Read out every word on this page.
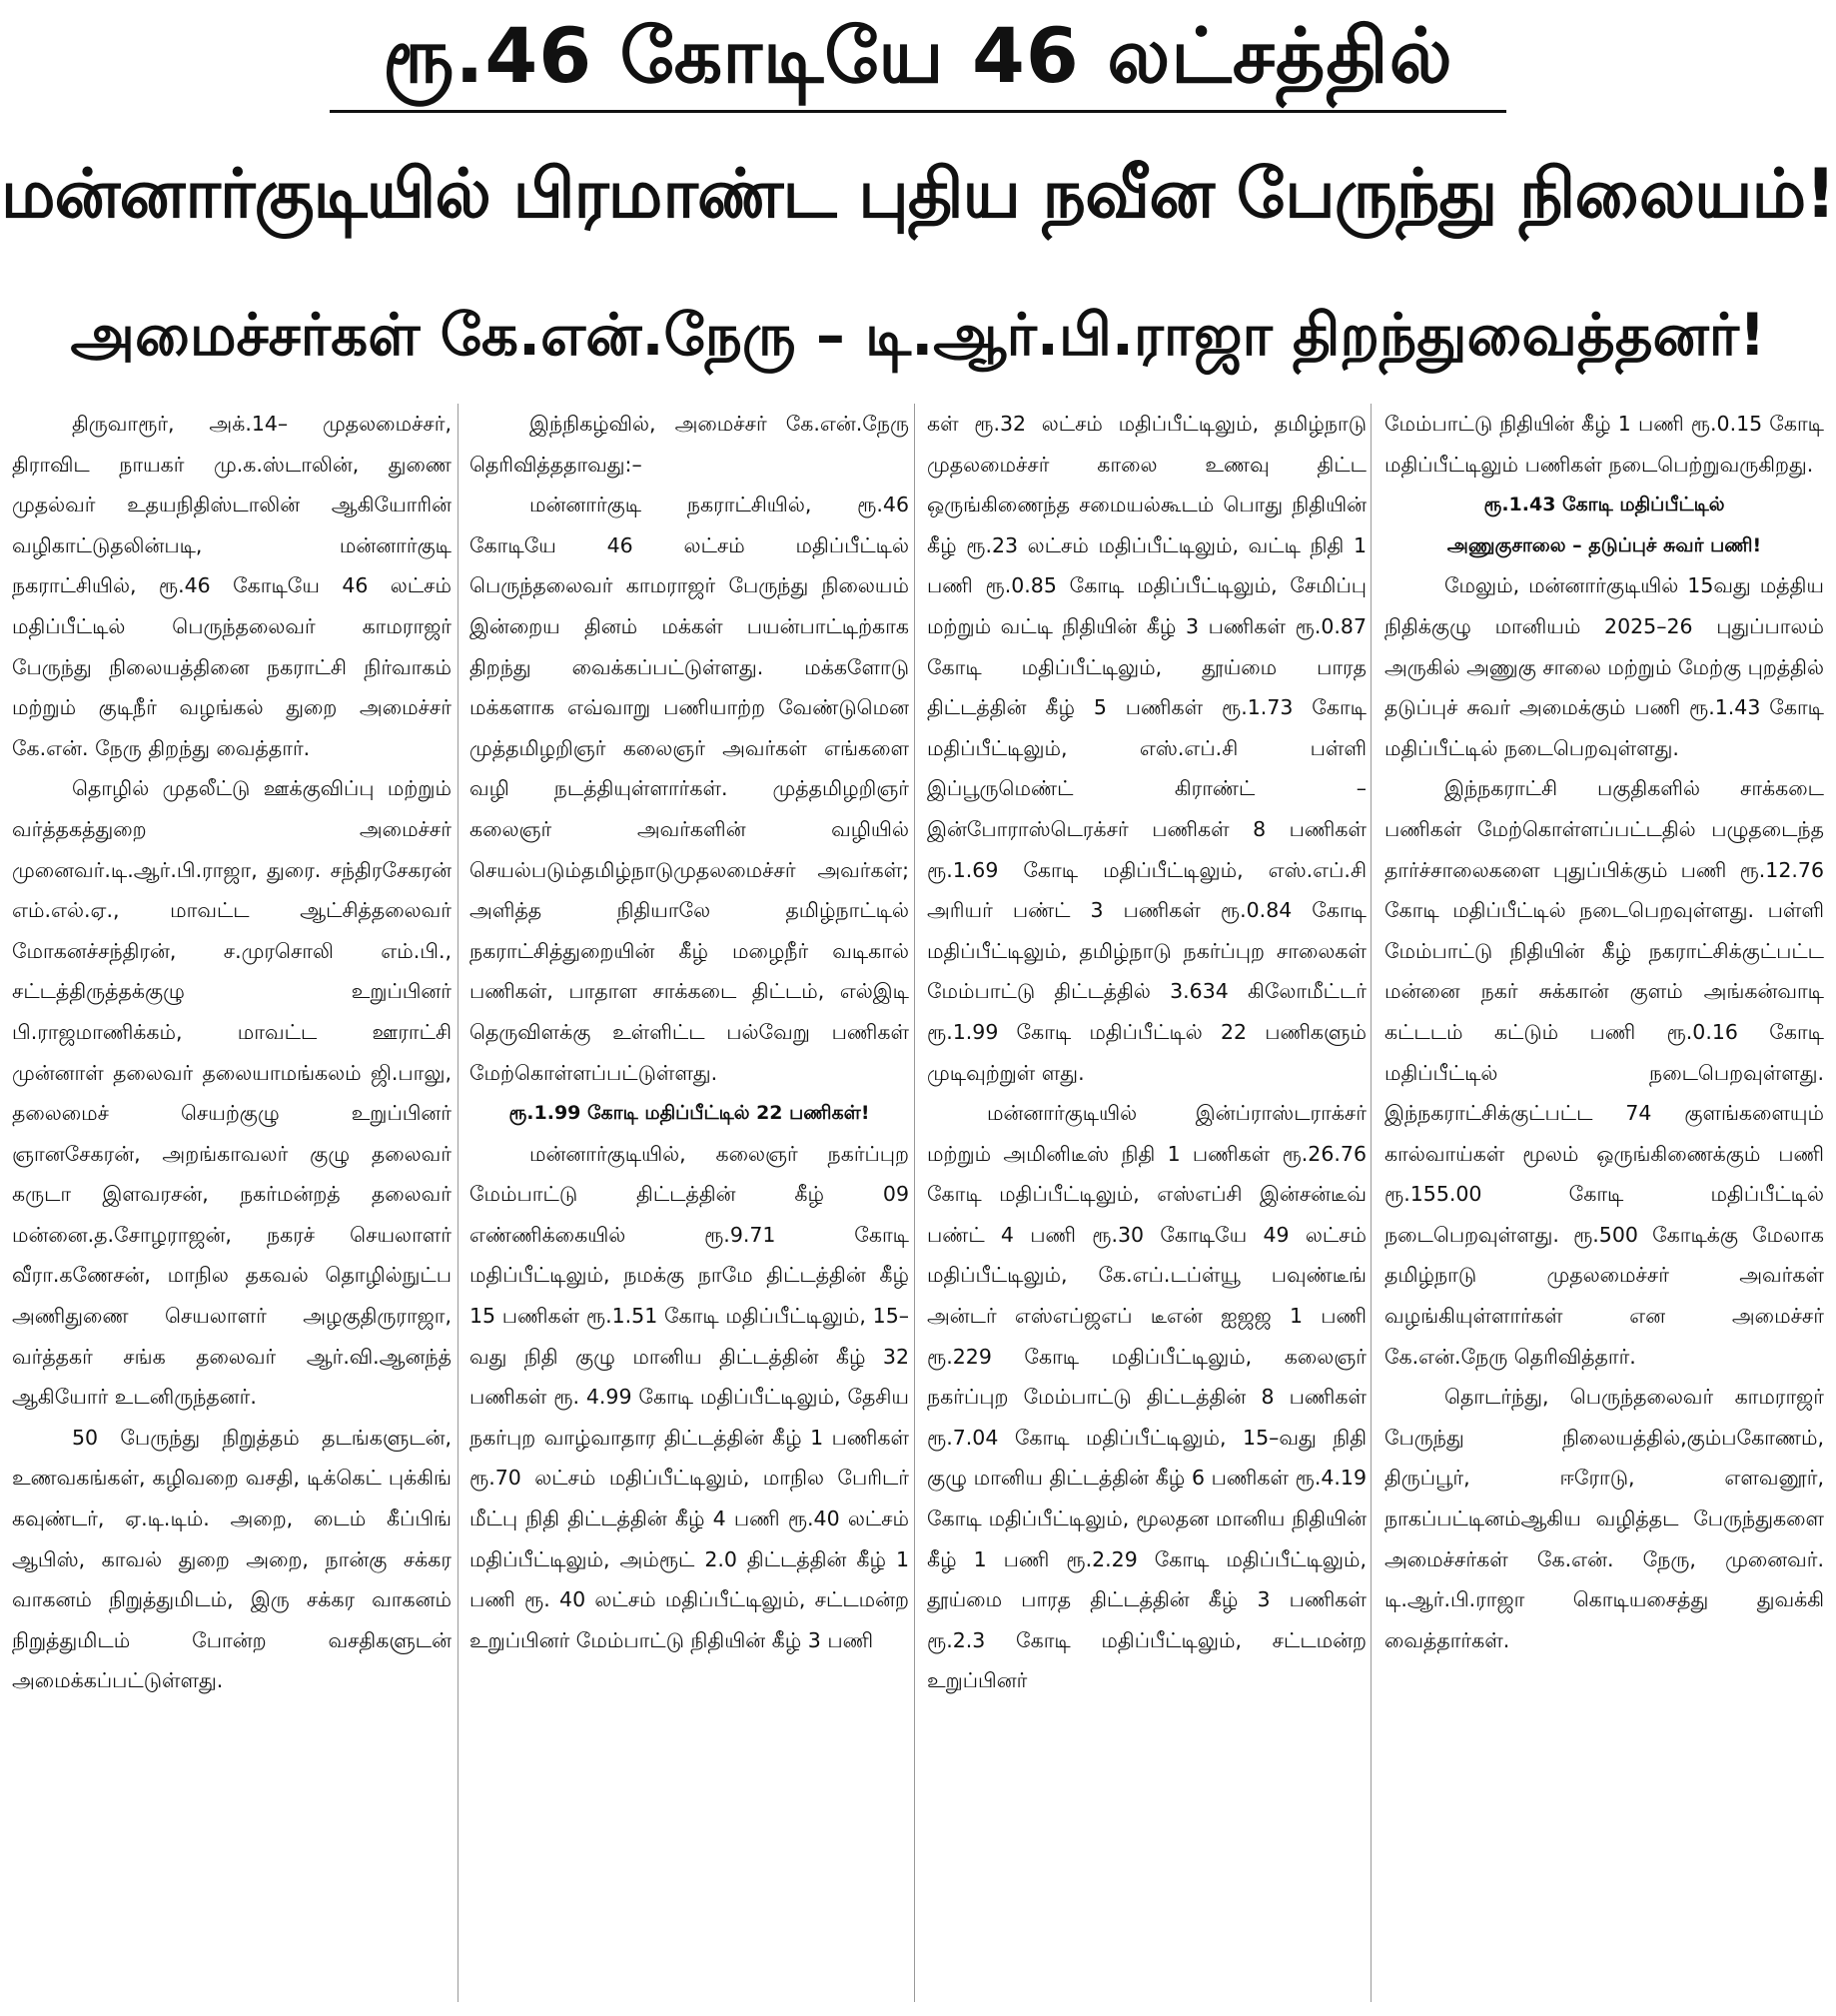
ரூ.46 கோடியே 46 லட்சத்தில்
மன்னார்குடியில் பிரமாண்ட புதிய நவீன பேருந்து நிலையம்!
அமைச்சர்கள் கே.என்.நேரு – டி.ஆர்.பி.ராஜா திறந்துவைத்தனர்!

திருவாரூர், அக்.14– முதலமைச்சர், திராவிட நாயகர் மு.க.ஸ்டாலின், துணை முதல்வர் உதயநிதிஸ்டாலின் ஆகியோரின் வழிகாட்டுதலின்படி, மன்னார்குடி நகராட்சியில், ரூ.46 கோடியே 46 லட்சம் மதிப்பீட்டில் பெருந்தலைவர் காமராஜர் பேருந்து நிலையத்தினை நகராட்சி நிர்வாகம் மற்றும் குடிநீர் வழங்கல் துறை அமைச்சர் கே.என். நேரு திறந்து வைத்தார்.

தொழில் முதலீட்டு ஊக்குவிப்பு மற்றும் வர்த்தகத்துறை அமைச்சர் முனைவர்.டி.ஆர்.பி.ராஜா, துரை. சந்திரசேகரன் எம்.எல்.ஏ., மாவட்ட ஆட்சித்தலைவர் மோகனச்சந்திரன், ச.முரசொலி எம்.பி., சட்டத்திருத்தக்குழு உறுப்பினர் பி.ராஜமாணிக்கம், மாவட்ட ஊராட்சி முன்னாள் தலைவர் தலையாமங்கலம் ஜி.பாலு, தலைமைச் செயற்குழு உறுப்பினர் ஞானசேகரன், அறங்காவலர் குழு தலைவர் கருடா இளவரசன், நகர்மன்றத் தலைவர் மன்னை.த.சோழராஜன், நகரச் செயலாளர் வீரா.கணேசன், மாநில தகவல் தொழில்நுட்ப அணிதுணை செயலாளர் அழகுதிருராஜா, வர்த்தகர் சங்க தலைவர் ஆர்.வி.ஆனந்த் ஆகியோர் உடனிருந்தனர்.

50 பேருந்து நிறுத்தம் தடங்களுடன், உணவகங்கள், கழிவறை வசதி, டிக்கெட் புக்கிங் கவுண்டர், ஏ.டி.டிம். அறை, டைம் கீப்பிங் ஆபிஸ், காவல் துறை அறை, நான்கு சக்கர வாகனம் நிறுத்துமிடம், இரு சக்கர வாகனம் நிறுத்துமிடம் போன்ற வசதிகளுடன் அமைக்கப்பட்டுள்ளது.

இந்நிகழ்வில், அமைச்சர் கே.என்.நேரு தெரிவித்ததாவது:–

மன்னார்குடி நகராட்சியில், ரூ.46 கோடியே 46 லட்சம் மதிப்பீட்டில் பெருந்தலைவர் காமராஜர் பேருந்து நிலையம் இன்றைய தினம் மக்கள் பயன்பாட்டிற்காக திறந்து வைக்கப்பட்டுள்ளது. மக்களோடு மக்களாக எவ்வாறு பணியாற்ற வேண்டுமென முத்தமிழறிஞர் கலைஞர் அவர்கள் எங்களை வழி நடத்தியுள்ளார்கள். முத்தமிழறிஞர் கலைஞர் அவர்களின் வழியில் செயல்படும்தமிழ்நாடுமுதலமைச்சர் அவர்கள்; அளித்த நிதியாலே தமிழ்நாட்டில் நகராட்சித்துறையின் கீழ் மழைநீர் வடிகால் பணிகள், பாதாள சாக்கடை திட்டம், எல்இடி தெருவிளக்கு உள்ளிட்ட பல்வேறு பணிகள் மேற்கொள்ளப்பட்டுள்ளது.

ரூ.1.99 கோடி மதிப்பீட்டில் 22 பணிகள்!

மன்னார்குடியில், கலைஞர் நகர்ப்புற மேம்பாட்டு திட்டத்தின் கீழ் 09 எண்ணிக்கையில் ரூ.9.71 கோடி மதிப்பீட்டிலும், நமக்கு நாமே திட்டத்தின் கீழ் 15 பணிகள் ரூ.1.51 கோடி மதிப்பீட்டிலும், 15–வது நிதி குழு மானிய திட்டத்தின் கீழ் 32 பணிகள் ரூ. 4.99 கோடி மதிப்பீட்டிலும், தேசிய நகர்புற வாழ்வாதார திட்டத்தின் கீழ் 1 பணிகள் ரூ.70 லட்சம் மதிப்பீட்டிலும், மாநில பேரிடர் மீட்பு நிதி திட்டத்தின் கீழ் 4 பணி ரூ.40 லட்சம் மதிப்பீட்டிலும், அம்ரூட் 2.0 திட்டத்தின் கீழ் 1 பணி ரூ. 40 லட்சம் மதிப்பீட்டிலும், சட்டமன்ற உறுப்பினர் மேம்பாட்டு நிதியின் கீழ் 3 பணி

கள் ரூ.32 லட்சம் மதிப்பீட்டிலும், தமிழ்நாடு முதலமைச்சர் காலை உணவு திட்ட ஒருங்கிணைந்த சமையல்கூடம் பொது நிதியின் கீழ் ரூ.23 லட்சம் மதிப்பீட்டிலும், வட்டி நிதி 1 பணி ரூ.0.85 கோடி மதிப்பீட்டிலும், சேமிப்பு மற்றும் வட்டி நிதியின் கீழ் 3 பணிகள் ரூ.0.87 கோடி மதிப்பீட்டிலும், தூய்மை பாரத திட்டத்தின் கீழ் 5 பணிகள் ரூ.1.73 கோடி மதிப்பீட்டிலும், எஸ்.எப்.சி பள்ளி இப்பூருமெண்ட் கிராண்ட் – இன்போராஸ்டெரக்சர் பணிகள் 8 பணிகள் ரூ.1.69 கோடி மதிப்பீட்டிலும், எஸ்.எப்.சி அரியர் பண்ட் 3 பணிகள் ரூ.0.84 கோடி மதிப்பீட்டிலும், தமிழ்நாடு நகர்ப்புற சாலைகள் மேம்பாட்டு திட்டத்தில் 3.634 கிலோமீட்டர் ரூ.1.99 கோடி மதிப்பீட்டில் 22 பணிகளும் முடிவுற்றுள் ளது.

மன்னார்குடியில் இன்ப்ராஸ்டராக்சர் மற்றும் அமினிடீஸ் நிதி 1 பணிகள் ரூ.26.76 கோடி மதிப்பீட்டிலும், எஸ்எப்சி இன்சன்டீவ் பண்ட் 4 பணி ரூ.30 கோடியே 49 லட்சம் மதிப்பீட்டிலும், கே.எப்.டப்ள்யூ பவுண்டீங் அன்டர் எஸ்எப்ஜஎப் டீஎன் ஐஜஜ 1 பணி ரூ.229 கோடி மதிப்பீட்டிலும், கலைஞர் நகர்ப்புற மேம்பாட்டு திட்டத்தின் 8 பணிகள் ரூ.7.04 கோடி மதிப்பீட்டிலும், 15–வது நிதி குழு மானிய திட்டத்தின் கீழ் 6 பணிகள் ரூ.4.19 கோடி மதிப்பீட்டிலும், மூலதன மானிய நிதியின் கீழ் 1 பணி ரூ.2.29 கோடி மதிப்பீட்டிலும், தூய்மை பாரத திட்டத்தின் கீழ் 3 பணிகள் ரூ.2.3 கோடி மதிப்பீட்டிலும், சட்டமன்ற உறுப்பினர்

மேம்பாட்டு நிதியின் கீழ் 1 பணி ரூ.0.15 கோடி மதிப்பீட்டிலும் பணிகள் நடைபெற்றுவருகிறது.

ரூ.1.43 கோடி மதிப்பீட்டில்

அணுகுசாலை – தடுப்புச் சுவர் பணி!

மேலும், மன்னார்குடியில் 15வது மத்திய நிதிக்குழு மானியம் 2025–26 புதுப்பாலம் அருகில் அணுகு சாலை மற்றும் மேற்கு புறத்தில் தடுப்புச் சுவர் அமைக்கும் பணி ரூ.1.43 கோடி மதிப்பீட்டில் நடைபெறவுள்ளது.

இந்நகராட்சி பகுதிகளில் சாக்கடை பணிகள் மேற்கொள்ளப்பட்டதில் பழுதடைந்த தார்ச்சாலைகளை புதுப்பிக்கும் பணி ரூ.12.76 கோடி மதிப்பீட்டில் நடைபெறவுள்ளது. பள்ளி மேம்பாட்டு நிதியின் கீழ் நகராட்சிக்குட்பட்ட மன்னை நகர் சுக்கான் குளம் அங்கன்வாடி கட்டடம் கட்டும் பணி ரூ.0.16 கோடி மதிப்பீட்டில் நடைபெறவுள்ளது. இந்நகராட்சிக்குட்பட்ட 74 குளங்களையும் கால்வாய்கள் மூலம் ஒருங்கிணைக்கும் பணி ரூ.155.00 கோடி மதிப்பீட்டில் நடைபெறவுள்ளது. ரூ.500 கோடிக்கு மேலாக தமிழ்நாடு முதலமைச்சர் அவர்கள் வழங்கியுள்ளார்கள் என அமைச்சர் கே.என்.நேரு தெரிவித்தார்.

தொடர்ந்து, பெருந்தலைவர் காமராஜர் பேருந்து நிலையத்தில்,கும்பகோணம், திருப்பூர், ஈரோடு, எளவனூர், நாகப்பட்டினம்ஆகிய வழித்தட பேருந்துகளை அமைச்சர்கள் கே.என். நேரு, முனைவர். டி.ஆர்.பி.ராஜா கொடியசைத்து துவக்கி வைத்தார்கள்.
